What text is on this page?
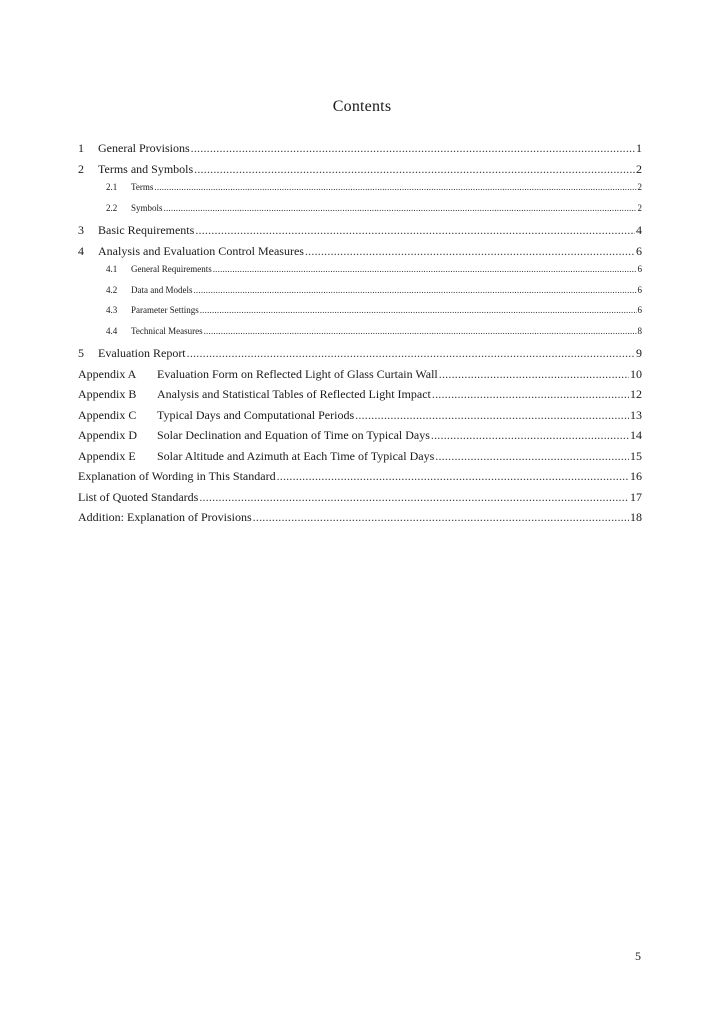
Contents
1	General Provisions .....	1
2	Terms and Symbols .....	2
2.1	Terms .....	2
2.2	Symbols .....	2
3	Basic Requirements .....	4
4	Analysis and Evaluation Control Measures .....	6
4.1	General Requirements .....	6
4.2	Data and Models .....	6
4.3	Parameter Settings .....	6
4.4	Technical Measures .....	8
5	Evaluation Report .....	9
Appendix A	Evaluation Form on Reflected Light of Glass Curtain Wall .....	10
Appendix B	Analysis and Statistical Tables of Reflected Light Impact .....	12
Appendix C	Typical Days and Computational Periods .....	13
Appendix D	Solar Declination and Equation of Time on Typical Days .....	14
Appendix E	Solar Altitude and Azimuth at Each Time of Typical Days .....	15
Explanation of Wording in This Standard .....	16
List of Quoted Standards .....	17
Addition: Explanation of Provisions .....	18
5
